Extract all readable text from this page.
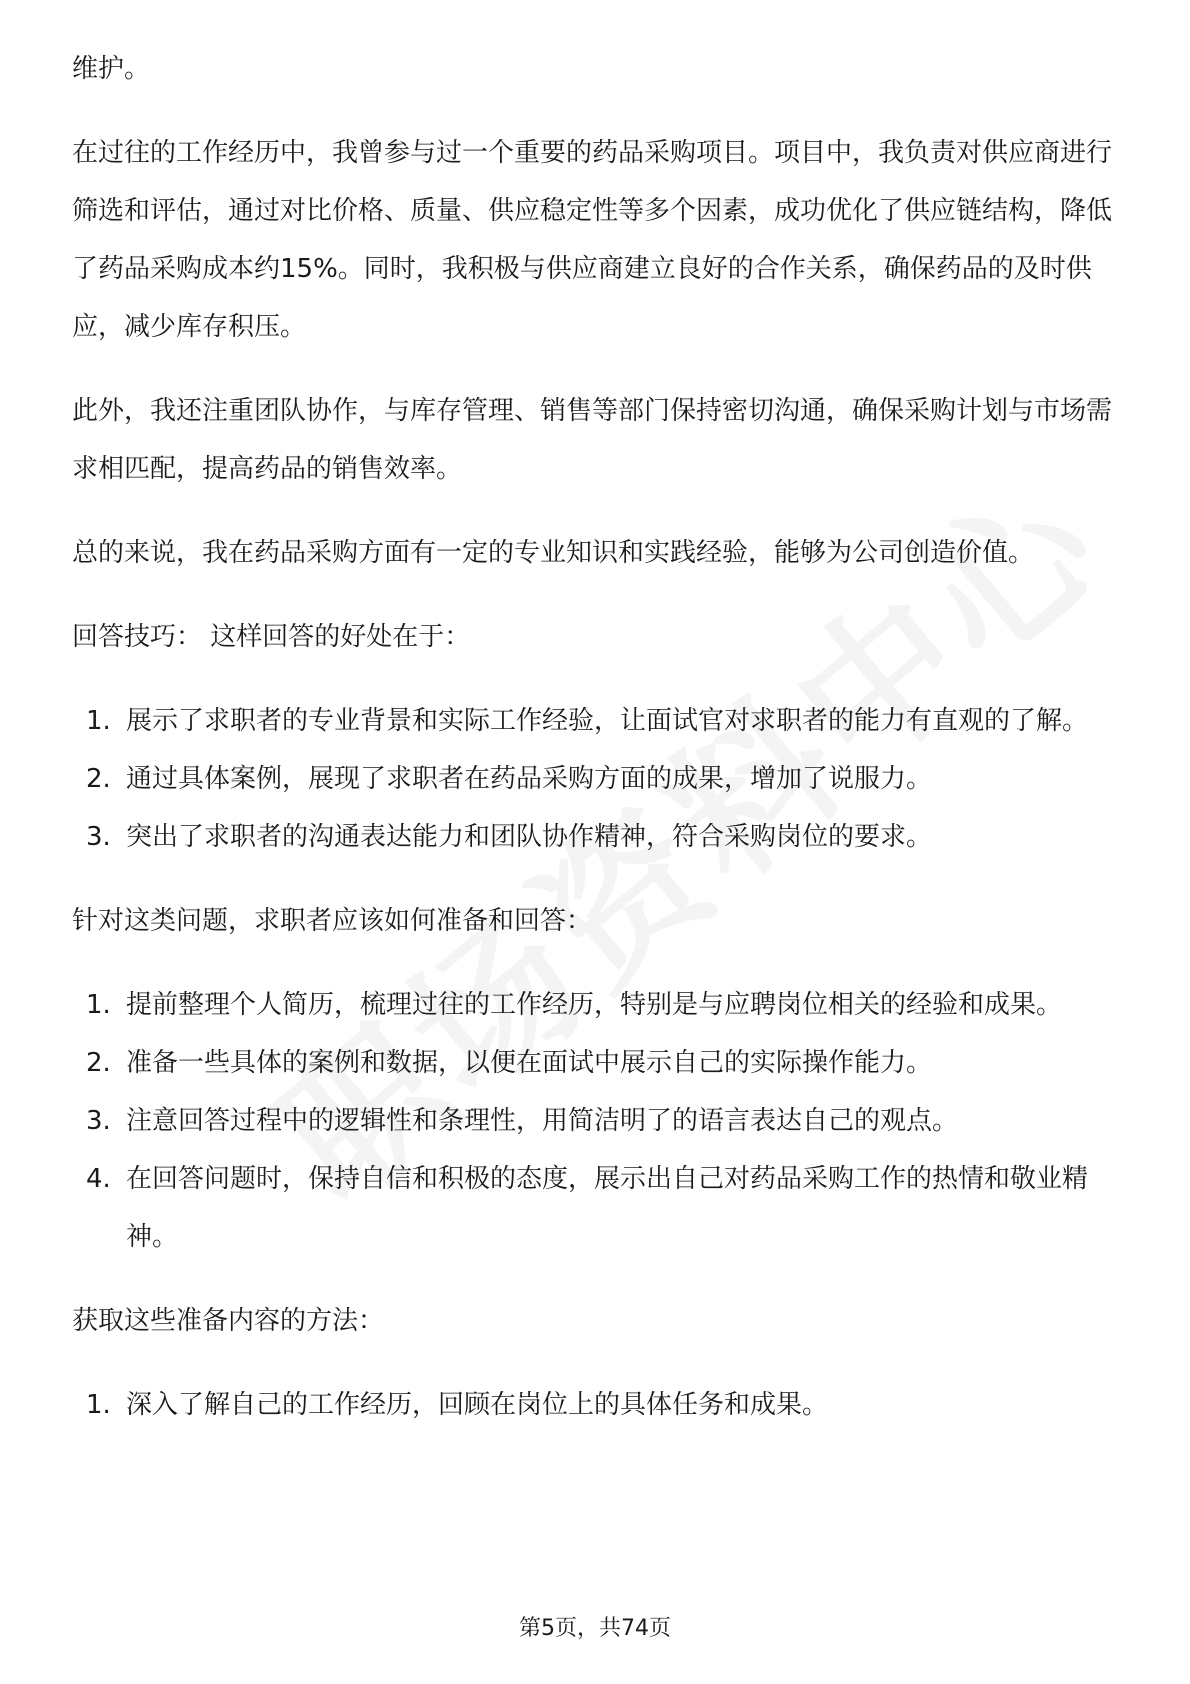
维护。

在过往的工作经历中，我曾参与过一个重要的药品采购项目。项目中，我负责对供应商进行筛选和评估，通过对比价格、质量、供应稳定性等多个因素，成功优化了供应链结构，降低了药品采购成本约15%。同时，我积极与供应商建立良好的合作关系，确保药品的及时供应，减少库存积压。

此外，我还注重团队协作，与库存管理、销售等部门保持密切沟通，确保采购计划与市场需求相匹配，提高药品的销售效率。

总的来说，我在药品采购方面有一定的专业知识和实践经验，能够为公司创造价值。

回答技巧： 这样回答的好处在于：

1. 展示了求职者的专业背景和实际工作经验，让面试官对求职者的能力有直观的了解。
2. 通过具体案例，展现了求职者在药品采购方面的成果，增加了说服力。
3. 突出了求职者的沟通表达能力和团队协作精神，符合采购岗位的要求。

针对这类问题，求职者应该如何准备和回答：

1. 提前整理个人简历，梳理过往的工作经历，特别是与应聘岗位相关的经验和成果。
2. 准备一些具体的案例和数据，以便在面试中展示自己的实际操作能力。
3. 注意回答过程中的逻辑性和条理性，用简洁明了的语言表达自己的观点。
4. 在回答问题时，保持自信和积极的态度，展示出自己对药品采购工作的热情和敬业精神。

获取这些准备内容的方法：

1. 深入了解自己的工作经历，回顾在岗位上的具体任务和成果。
第5页，共74页
